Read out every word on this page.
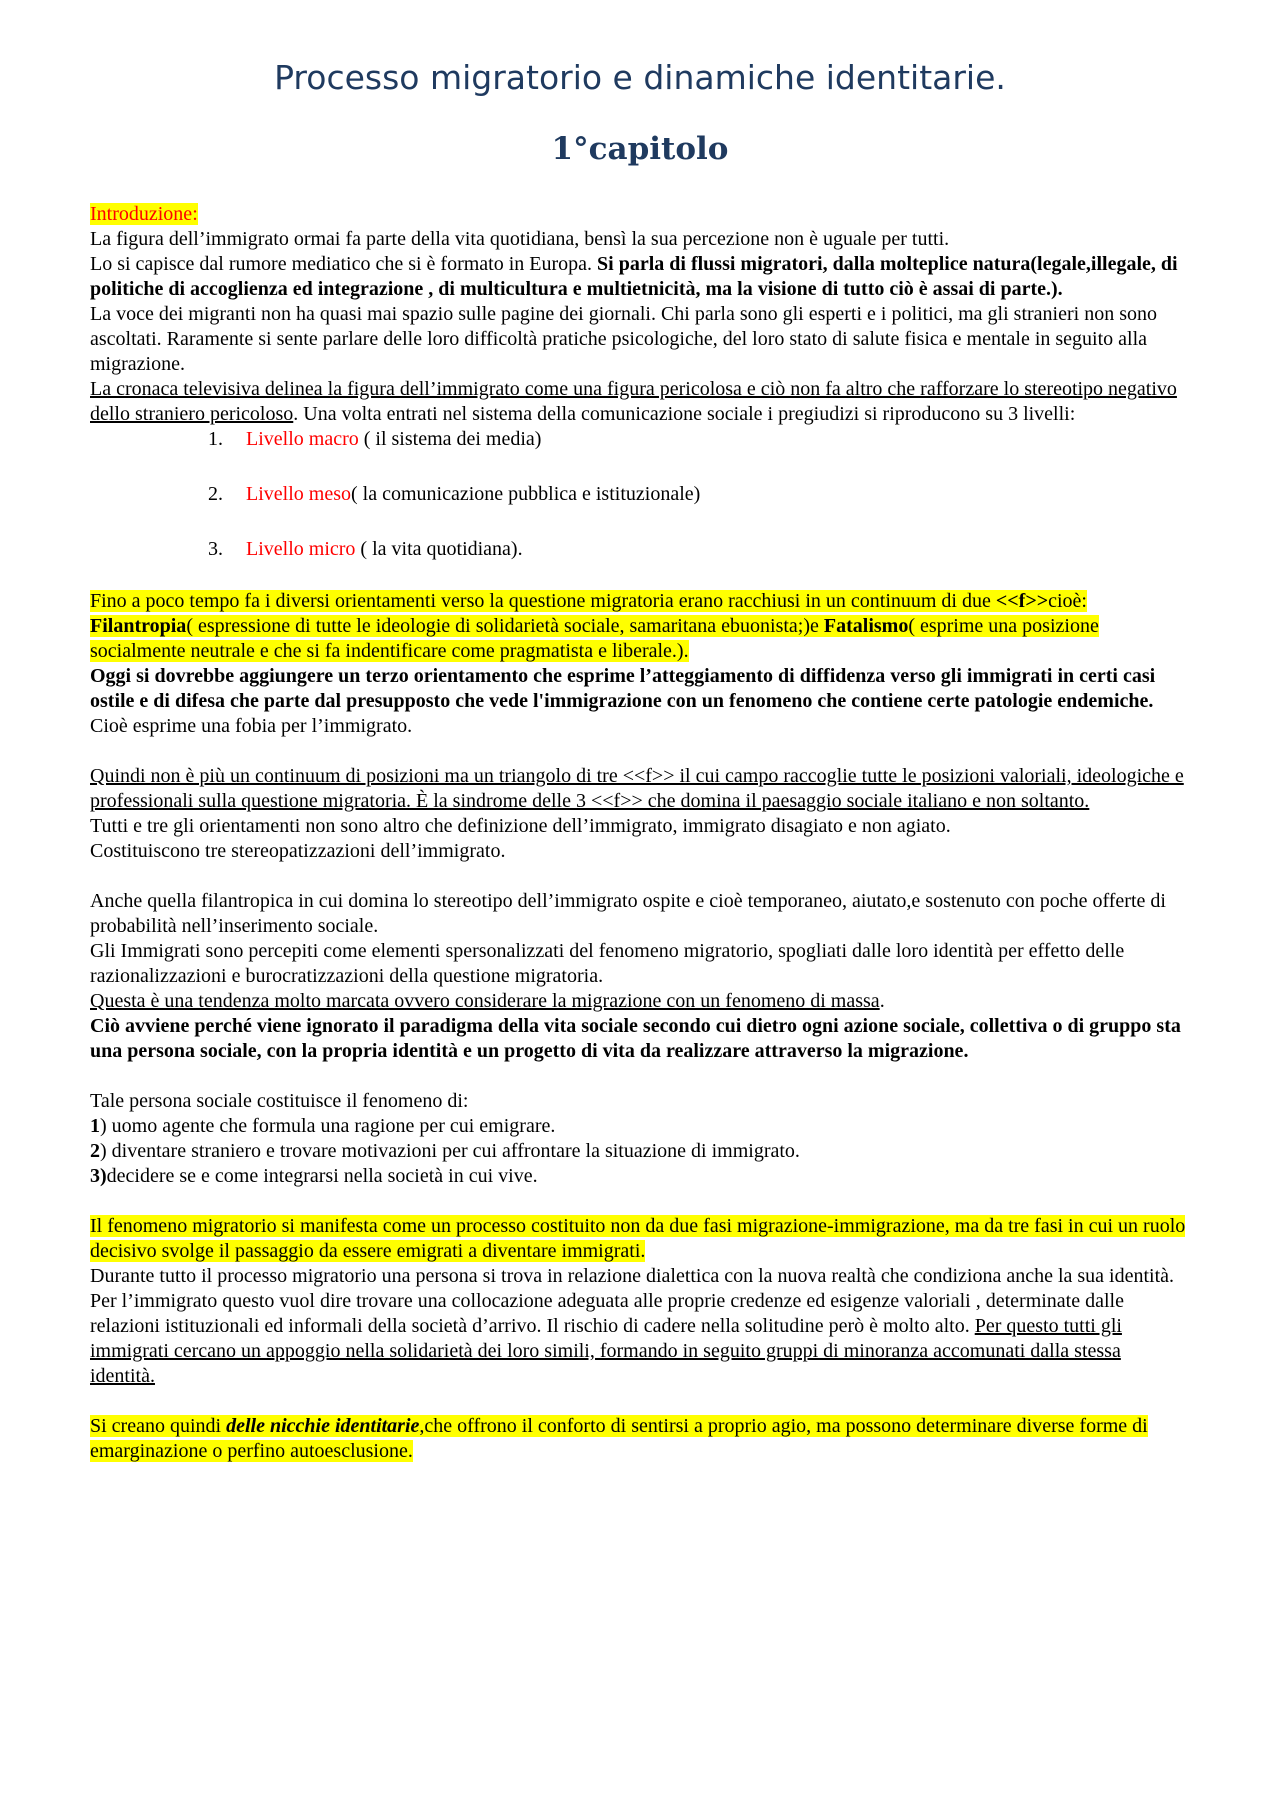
Processo migratorio e dinamiche identitarie.
1°capitolo

Introduzione:

La figura dell’immigrato ormai fa parte della vita quotidiana, bensì la sua percezione non è uguale per tutti.

Lo si capisce dal rumore mediatico che si è formato in Europa. Si parla di flussi migratori, dalla molteplice natura(legale,illegale, di politiche di accoglienza ed integrazione , di multicultura e multietnicità, ma la visione di tutto ciò è assai di parte.).

La voce dei migranti non ha quasi mai spazio sulle pagine dei giornali. Chi parla sono gli esperti e i politici, ma gli stranieri non sono ascoltati. Raramente si sente parlare delle loro difficoltà pratiche psicologiche, del loro stato di salute fisica e mentale in seguito alla migrazione.

La cronaca televisiva delinea la figura dell’immigrato come una figura pericolosa e ciò non fa altro che rafforzare lo stereotipo negativo dello straniero pericoloso. Una volta entrati nel sistema della comunicazione sociale i pregiudizi si riproducono su 3 livelli:

1. Livello macro ( il sistema dei media)
2. Livello meso( la comunicazione pubblica e istituzionale)
3. Livello micro ( la vita quotidiana).

Fino a poco tempo fa i diversi orientamenti verso la questione migratoria erano racchiusi in un continuum di due <<f>>cioè: Filantropia( espressione di tutte le ideologie di solidarietà sociale, samaritana ebuonista;)e Fatalismo( esprime una posizione socialmente neutrale e che si fa indentificare come pragmatista e liberale.).

Oggi si dovrebbe aggiungere un terzo orientamento che esprime l’atteggiamento di diffidenza verso gli immigrati in certi casi ostile e di difesa che parte dal presupposto che vede l'immigrazione con un fenomeno che contiene certe patologie endemiche. Cioè esprime una fobia per l’immigrato.

Quindi non è più un continuum di posizioni ma un triangolo di tre <<f>> il cui campo raccoglie tutte le posizioni valoriali, ideologiche e professionali sulla questione migratoria. È la sindrome delle 3 <<f>> che domina il paesaggio sociale italiano e non soltanto.

Tutti e tre gli orientamenti non sono altro che definizione dell’immigrato, immigrato disagiato e non agiato.

Costituiscono tre stereopatizzazioni dell’immigrato.

Anche quella filantropica in cui domina lo stereotipo dell’immigrato ospite e cioè temporaneo, aiutato,e sostenuto con poche offerte di probabilità nell’inserimento sociale.

Gli Immigrati sono percepiti come elementi spersonalizzati del fenomeno migratorio, spogliati dalle loro identità per effetto delle razionalizzazioni e burocratizzazioni della questione migratoria.

Questa è una tendenza molto marcata ovvero considerare la migrazione con un fenomeno di massa.

Ciò avviene perché viene ignorato il paradigma della vita sociale secondo cui dietro ogni azione sociale, collettiva o di gruppo sta una persona sociale, con la propria identità e un progetto di vita da realizzare attraverso la migrazione.

Tale persona sociale costituisce il fenomeno di:

1) uomo agente che formula una ragione per cui emigrare.

2) diventare straniero e trovare motivazioni per cui affrontare la situazione di immigrato.

3)decidere se e come integrarsi nella società in cui vive.

Il fenomeno migratorio si manifesta come un processo costituito non da due fasi migrazione-immigrazione, ma da tre fasi in cui un ruolo decisivo svolge il passaggio da essere emigrati a diventare immigrati.

Durante tutto il processo migratorio una persona si trova in relazione dialettica con la nuova realtà che condiziona anche la sua identità.

Per l’immigrato questo vuol dire trovare una collocazione adeguata alle proprie credenze ed esigenze valoriali , determinate dalle relazioni istituzionali ed informali della società d’arrivo. Il rischio di cadere nella solitudine però è molto alto. Per questo tutti gli immigrati cercano un appoggio nella solidarietà dei loro simili, formando in seguito gruppi di minoranza accomunati dalla stessa identità.

Si creano quindi delle nicchie identitarie,che offrono il conforto di sentirsi a proprio agio, ma possono determinare diverse forme di emarginazione o perfino autoesclusione.
